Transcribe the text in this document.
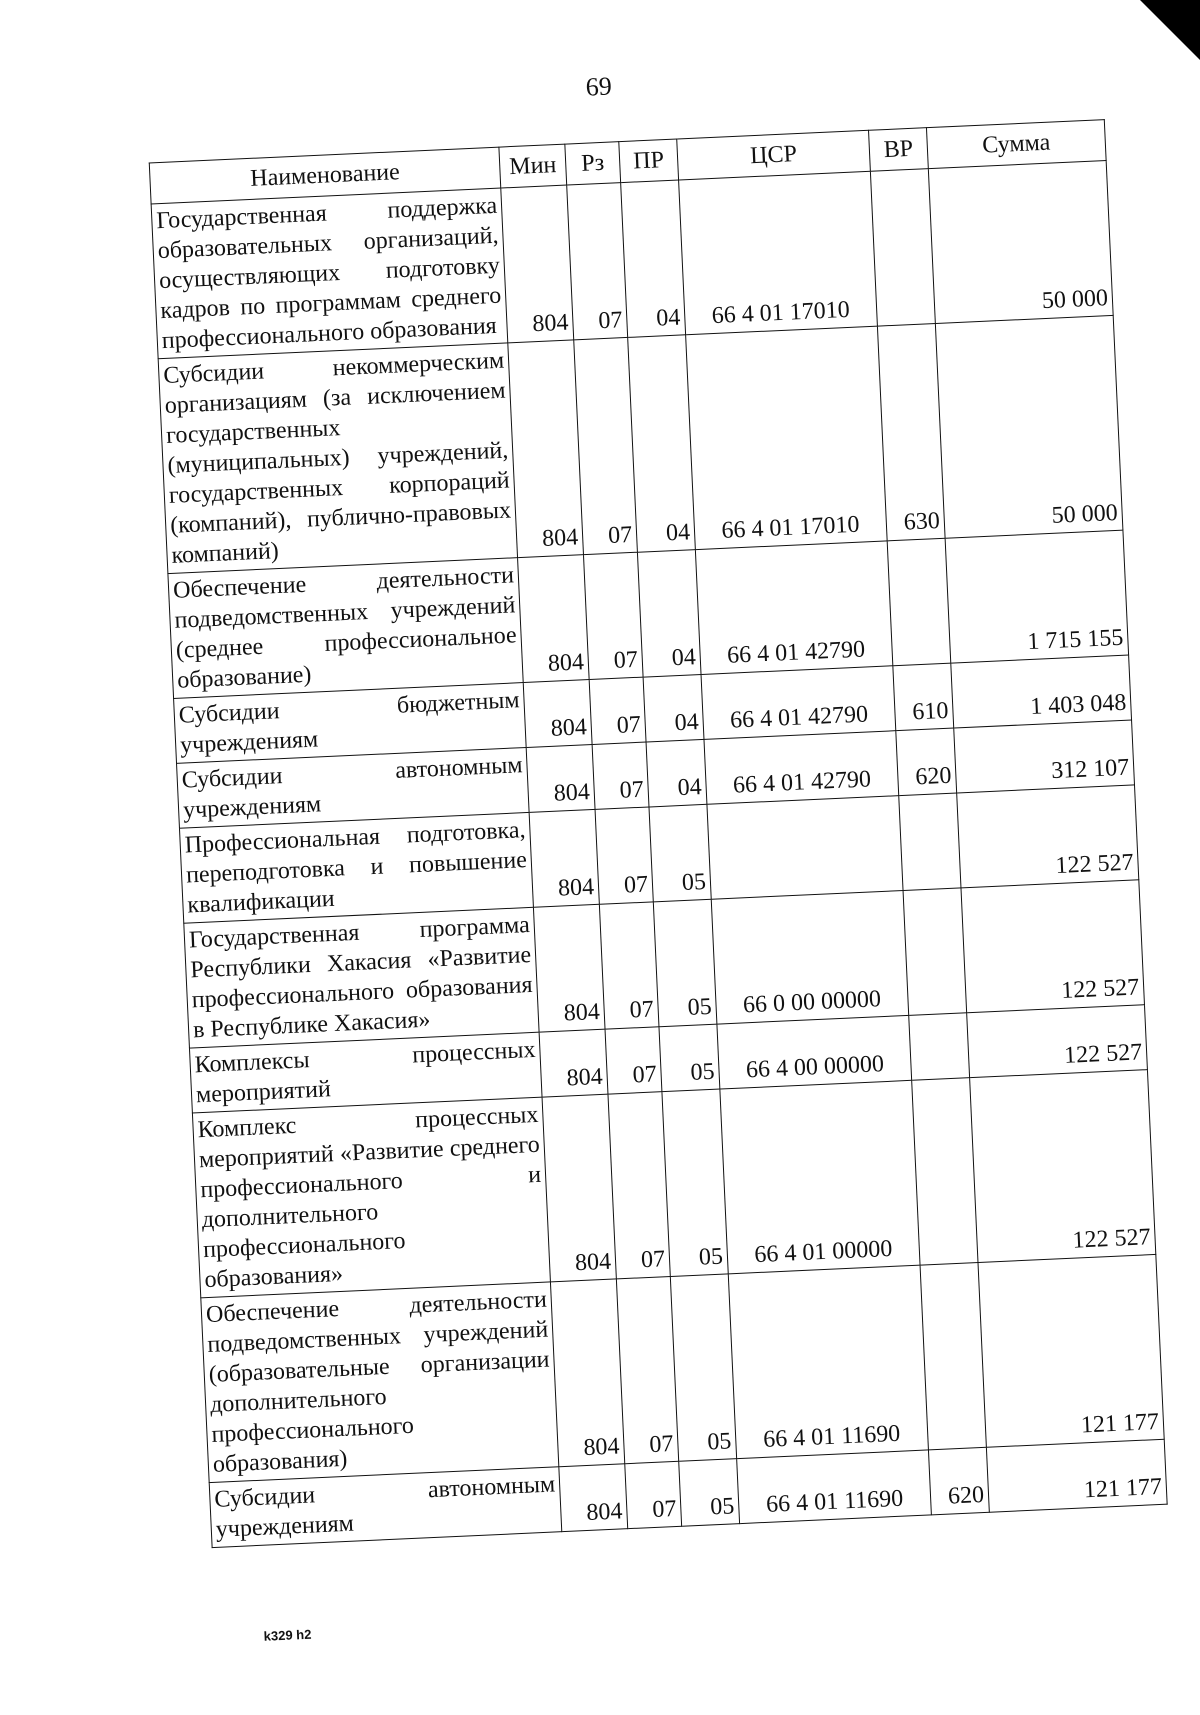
69
Наименование	Мин	Рз	ПР	ЦСР	ВР	Сумма
Государственная поддержка образовательных организаций, осуществляющих подготовку кадров по программам среднего профессионального образования	804	07	04	66 4 01 17010		50 000
Субсидии некоммерческим организациям (за исключением государственных (муниципальных) учреждений, государственных корпораций (компаний), публично-правовых компаний)	804	07	04	66 4 01 17010	630	50 000
Обеспечение деятельности подведомственных учреждений (среднее профессиональное образование)	804	07	04	66 4 01 42790		1 715 155
Субсидии бюджетным учреждениям	804	07	04	66 4 01 42790	610	1 403 048
Субсидии автономным учреждениям	804	07	04	66 4 01 42790	620	312 107
Профессиональная подготовка, переподготовка и повышение квалификации	804	07	05			122 527
Государственная программа Республики Хакасия «Развитие профессионального образования в Республике Хакасия»	804	07	05	66 0 00 00000		122 527
Комплексы процессных мероприятий	804	07	05	66 4 00 00000		122 527
Комплекс процессных мероприятий «Развитие среднего профессионального и дополнительного профессионального образования»	804	07	05	66 4 01 00000		122 527
Обеспечение деятельности подведомственных учреждений (образовательные организации дополнительного профессионального образования)	804	07	05	66 4 01 11690		121 177
Субсидии автономным учреждениям	804	07	05	66 4 01 11690	620	121 177
k329 h2
